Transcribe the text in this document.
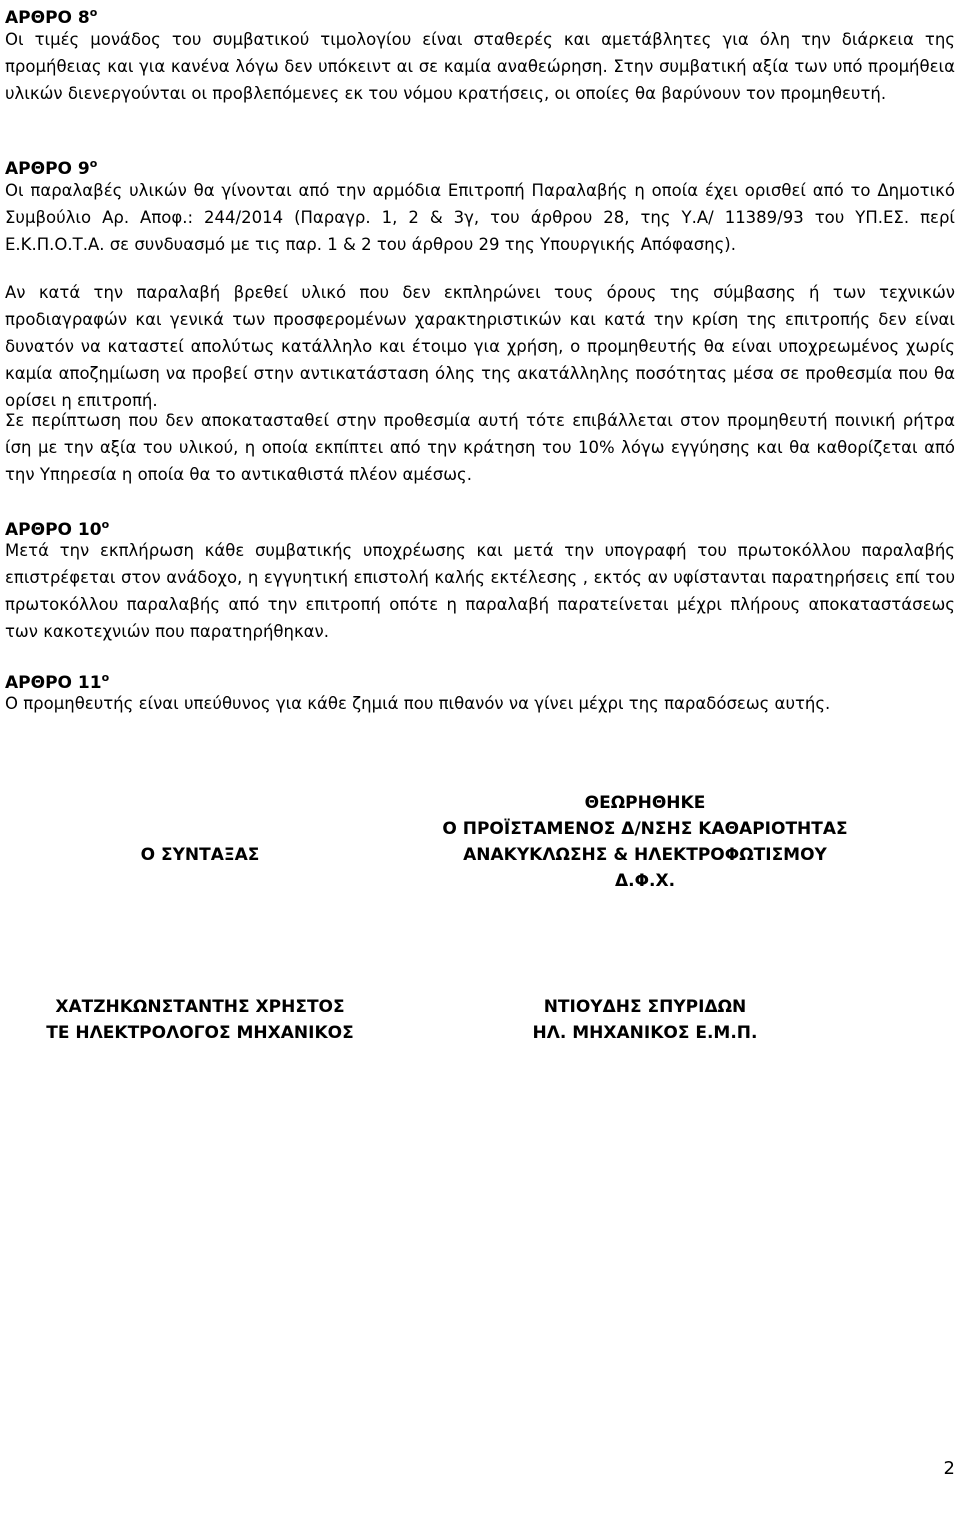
ΑΡΘΡΟ $8^o$

Οι τιμές μονάδος του συμβατικού τιμολογίου είναι σταθερές και αμετάβλητες για όλη την διάρκεια της προμήθειας και για κανένα λόγω δεν υπόκειντ αι σε καμία αναθεώρηση. Στην συμβατική αξία των υπό προμήθεια υλικών διενεργούνται οι προβλεπόμενες εκ του νόμου κρατήσεις, οι οποίες θα βαρύνουν τον προμηθευτή.

ΑΡΘΡΟ $9^o$

Οι παραλαβές υλικών θα γίνονται από την αρμόδια Επιτροπή Παραλαβής η οποία έχει ορισθεί από το Δημοτικό Συμβούλιο Αρ. Αποφ.: 244/2014 (Παραγρ. 1, 2 & 3γ, του άρθρου 28, της Υ.Α/ 11389/93 του ΥΠ.ΕΣ. περί Ε.Κ.Π.Ο.Τ.Α. σε συνδυασμό με τις παρ. 1 & 2 του άρθρου 29 της Υπουργικής Απόφασης).

Αν κατά την παραλαβή βρεθεί υλικό που δεν εκπληρώνει τους όρους της σύμβασης ή των τεχνικών προδιαγραφών και γενικά των προσφερομένων χαρακτηριστικών και κατά την κρίση της επιτροπής δεν είναι δυνατόν να καταστεί απολύτως κατάλληλο και έτοιμο για χρήση, ο προμηθευτής θα είναι υποχρεωμένος χωρίς καμία αποζημίωση να προβεί στην αντικατάσταση όλης της ακατάλληλης ποσότητας μέσα σε προθεσμία που θα ορίσει η επιτροπή.

Σε περίπτωση που δεν αποκατασταθεί στην προθεσμία αυτή τότε επιβάλλεται στον προμηθευτή ποινική ρήτρα ίση με την αξία του υλικού, η οποία εκπίπτει από την κράτηση του 10% λόγω εγγύησης και θα καθορίζεται από την Υπηρεσία η οποία θα το αντικαθιστά πλέον αμέσως.

ΑΡΘΡΟ $10^o$

Μετά την εκπλήρωση κάθε συμβατικής υποχρέωσης και μετά την υπογραφή του πρωτοκόλλου παραλαβής επιστρέφεται στον ανάδοχο, η εγγυητική επιστολή καλής εκτέλεσης , εκτός αν υφίστανται παρατηρήσεις επί του πρωτοκόλλου παραλαβής από την επιτροπή οπότε η παραλαβή παρατείνεται μέχρι πλήρους αποκαταστάσεως των κακοτεχνιών που παρατηρήθηκαν.

ΑΡΘΡΟ $11^o$

Ο προμηθευτής είναι υπεύθυνος για κάθε ζημιά που πιθανόν να γίνει μέχρι της παραδόσεως αυτής.

Ο ΣΥΝΤΑΞΑΣ
ΘΕΩΡΗΘΗΚΕ
Ο ΠΡΟΪΣΤΑΜΕΝΟΣ Δ/ΝΣΗΣ ΚΑΘΑΡΙΟΤΗΤΑΣ
ΑΝΑΚΥΚΛΩΣΗΣ & ΗΛΕΚΤΡΟΦΩΤΙΣΜΟΥ
Δ.Φ.Χ.
ΧΑΤΖΗΚΩΝΣΤΑΝΤΗΣ ΧΡΗΣΤΟΣ
ΤΕ ΗΛΕΚΤΡΟΛΟΓΟΣ ΜΗΧΑΝΙΚΟΣ
ΝΤΙΟΥΔΗΣ ΣΠΥΡΙΔΩΝ
ΗΛ. ΜΗΧΑΝΙΚΟΣ Ε.Μ.Π.
2
